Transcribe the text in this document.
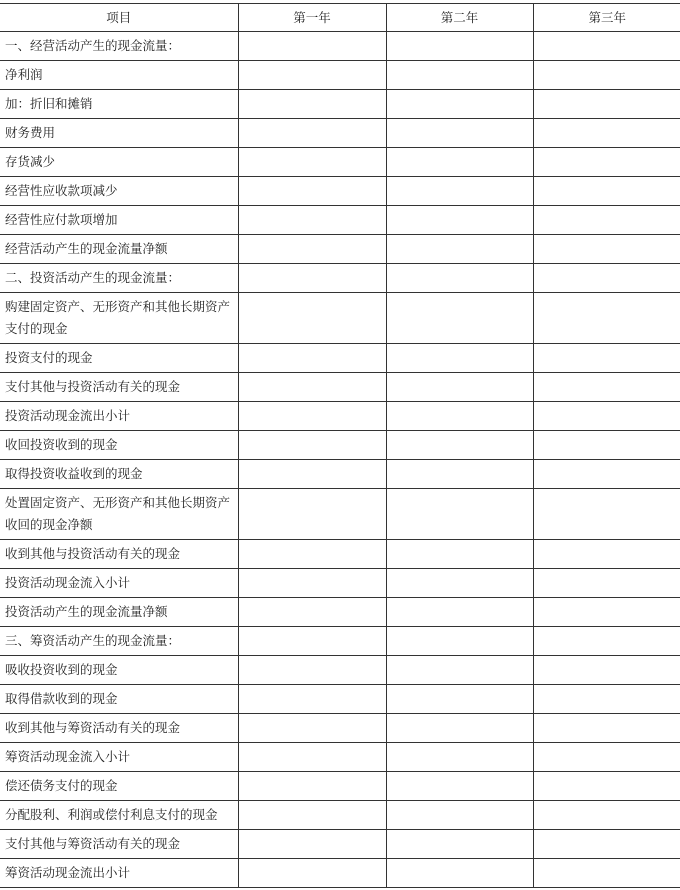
项目	第一年	第二年	第三年
一、经营活动产生的现金流量：			
净利润			
加：折旧和摊销			
财务费用			
存货减少			
经营性应收款项减少			
经营性应付款项增加			
经营活动产生的现金流量净额			
二、投资活动产生的现金流量：			
购建固定资产、无形资产和其他长期资产支付的现金			
投资支付的现金			
支付其他与投资活动有关的现金			
投资活动现金流出小计			
收回投资收到的现金			
取得投资收益收到的现金			
处置固定资产、无形资产和其他长期资产收回的现金净额			
收到其他与投资活动有关的现金			
投资活动现金流入小计			
投资活动产生的现金流量净额			
三、筹资活动产生的现金流量：			
吸收投资收到的现金			
取得借款收到的现金			
收到其他与筹资活动有关的现金			
筹资活动现金流入小计			
偿还债务支付的现金			
分配股利、利润或偿付利息支付的现金			
支付其他与筹资活动有关的现金			
筹资活动现金流出小计			
